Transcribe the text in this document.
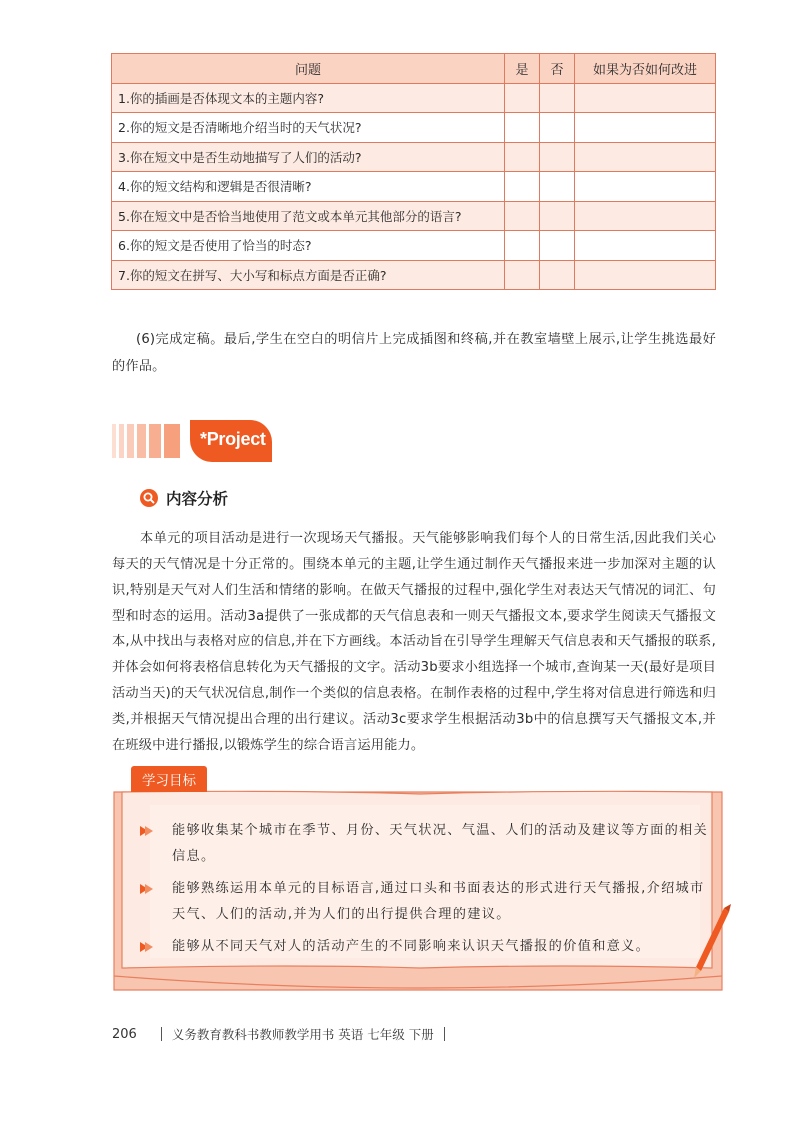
问题	是	否	如果为否如何改进
1.你的插画是否体现文本的主题内容?			
2.你的短文是否清晰地介绍当时的天气状况?			
3.你在短文中是否生动地描写了人们的活动?			
4.你的短文结构和逻辑是否很清晰?			
5.你在短文中是否恰当地使用了范文或本单元其他部分的语言?			
6.你的短文是否使用了恰当的时态?			
7.你的短文在拼写、大小写和标点方面是否正确?			

(6)完成定稿。最后,学生在空白的明信片上完成插图和终稿,并在教室墙壁上展示,让学生挑选最好的作品。

*Project
内容分析

本单元的项目活动是进行一次现场天气播报。天气能够影响我们每个人的日常生活,因此我们关心每天的天气情况是十分正常的。围绕本单元的主题,让学生通过制作天气播报来进一步加深对主题的认识,特别是天气对人们生活和情绪的影响。在做天气播报的过程中,强化学生对表达天气情况的词汇、句型和时态的运用。活动3a提供了一张成都的天气信息表和一则天气播报文本,要求学生阅读天气播报文本,从中找出与表格对应的信息,并在下方画线。本活动旨在引导学生理解天气信息表和天气播报的联系,并体会如何将表格信息转化为天气播报的文字。活动3b要求小组选择一个城市,查询某一天(最好是项目活动当天)的天气状况信息,制作一个类似的信息表格。在制作表格的过程中,学生将对信息进行筛选和归类,并根据天气情况提出合理的出行建议。活动3c要求学生根据活动3b中的信息撰写天气播报文本,并在班级中进行播报,以锻炼学生的综合语言运用能力。

学习目标
能够收集某个城市在季节、月份、天气状况、气温、人们的活动及建议等方面的相关信息。
能够熟练运用本单元的目标语言,通过口头和书面表达的形式进行天气播报,介绍城市天气、人们的活动,并为人们的出行提供合理的建议。
能够从不同天气对人的活动产生的不同影响来认识天气播报的价值和意义。
206	义务教育教科书教师教学用书 英语 七年级 下册
